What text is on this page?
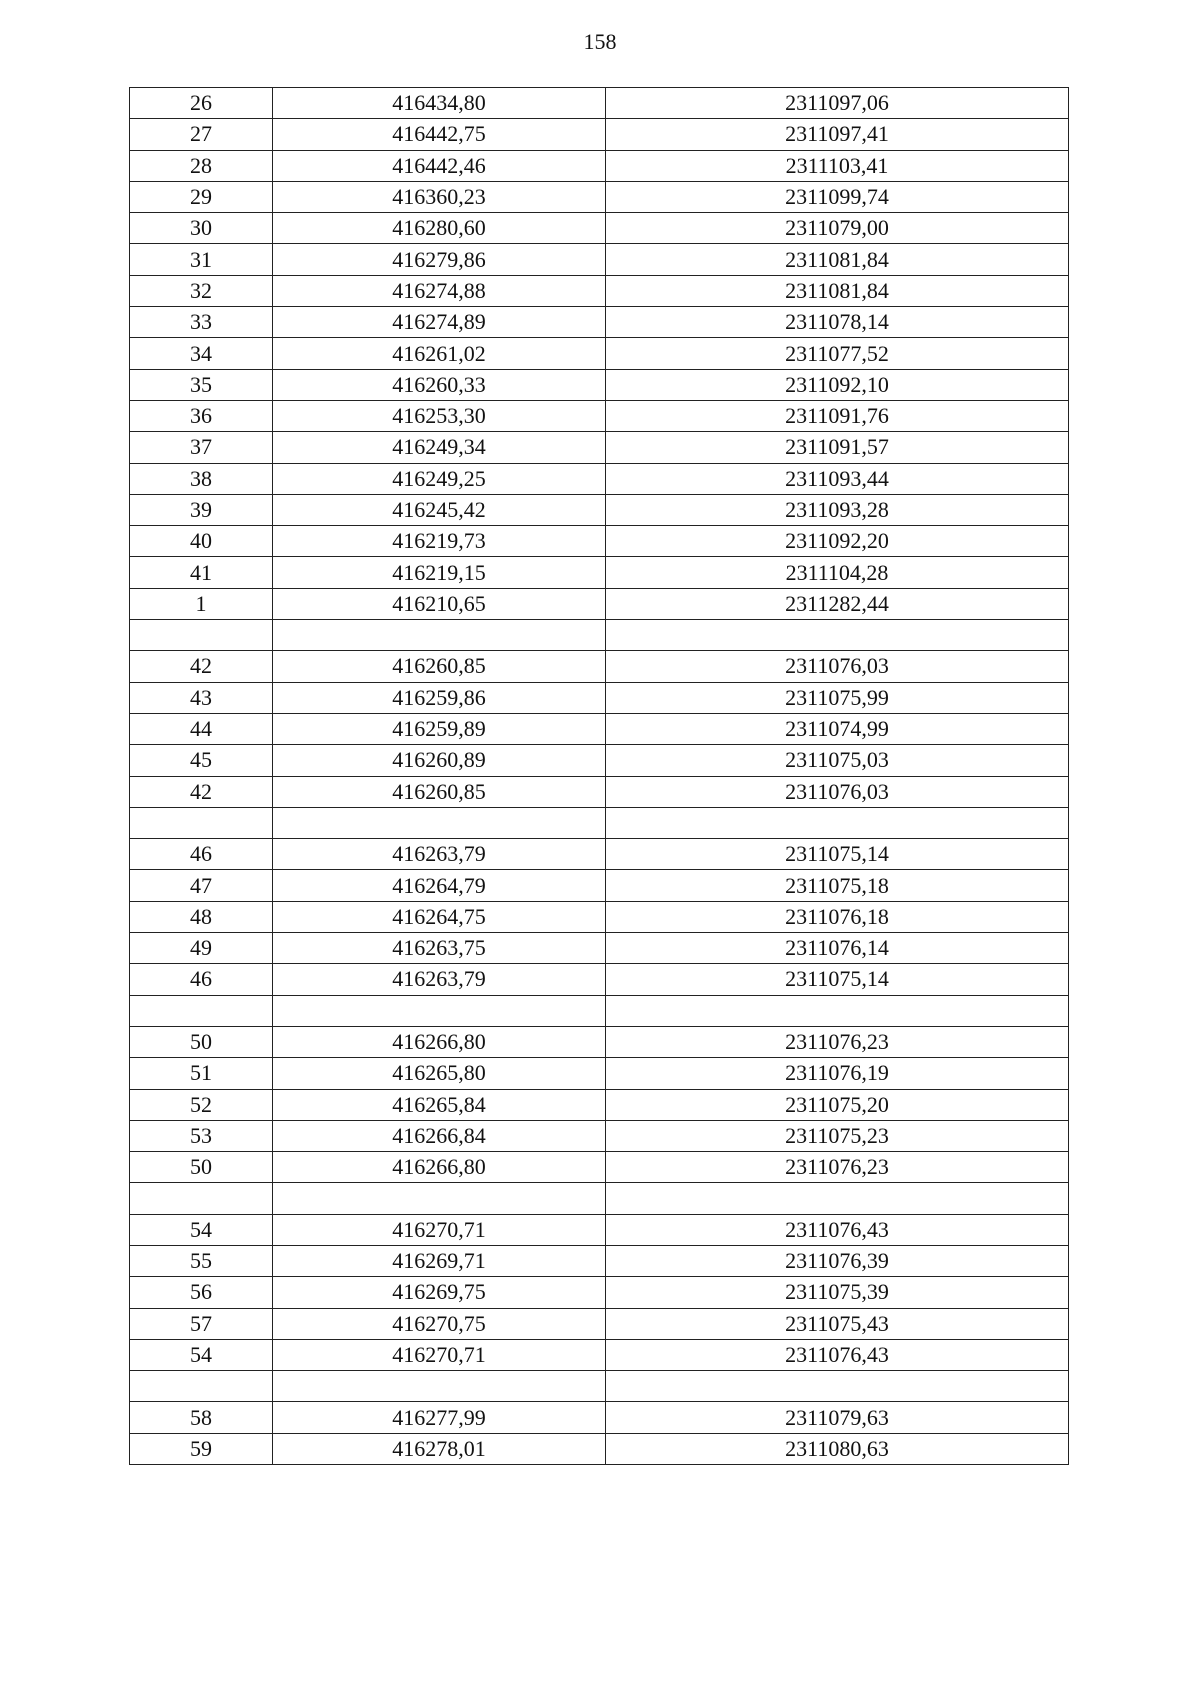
158
26	416434,80	2311097,06
27	416442,75	2311097,41
28	416442,46	2311103,41
29	416360,23	2311099,74
30	416280,60	2311079,00
31	416279,86	2311081,84
32	416274,88	2311081,84
33	416274,89	2311078,14
34	416261,02	2311077,52
35	416260,33	2311092,10
36	416253,30	2311091,76
37	416249,34	2311091,57
38	416249,25	2311093,44
39	416245,42	2311093,28
40	416219,73	2311092,20
41	416219,15	2311104,28
1	416210,65	2311282,44

42	416260,85	2311076,03
43	416259,86	2311075,99
44	416259,89	2311074,99
45	416260,89	2311075,03
42	416260,85	2311076,03

46	416263,79	2311075,14
47	416264,79	2311075,18
48	416264,75	2311076,18
49	416263,75	2311076,14
46	416263,79	2311075,14

50	416266,80	2311076,23
51	416265,80	2311076,19
52	416265,84	2311075,20
53	416266,84	2311075,23
50	416266,80	2311076,23

54	416270,71	2311076,43
55	416269,71	2311076,39
56	416269,75	2311075,39
57	416270,75	2311075,43
54	416270,71	2311076,43

58	416277,99	2311079,63
59	416278,01	2311080,63
